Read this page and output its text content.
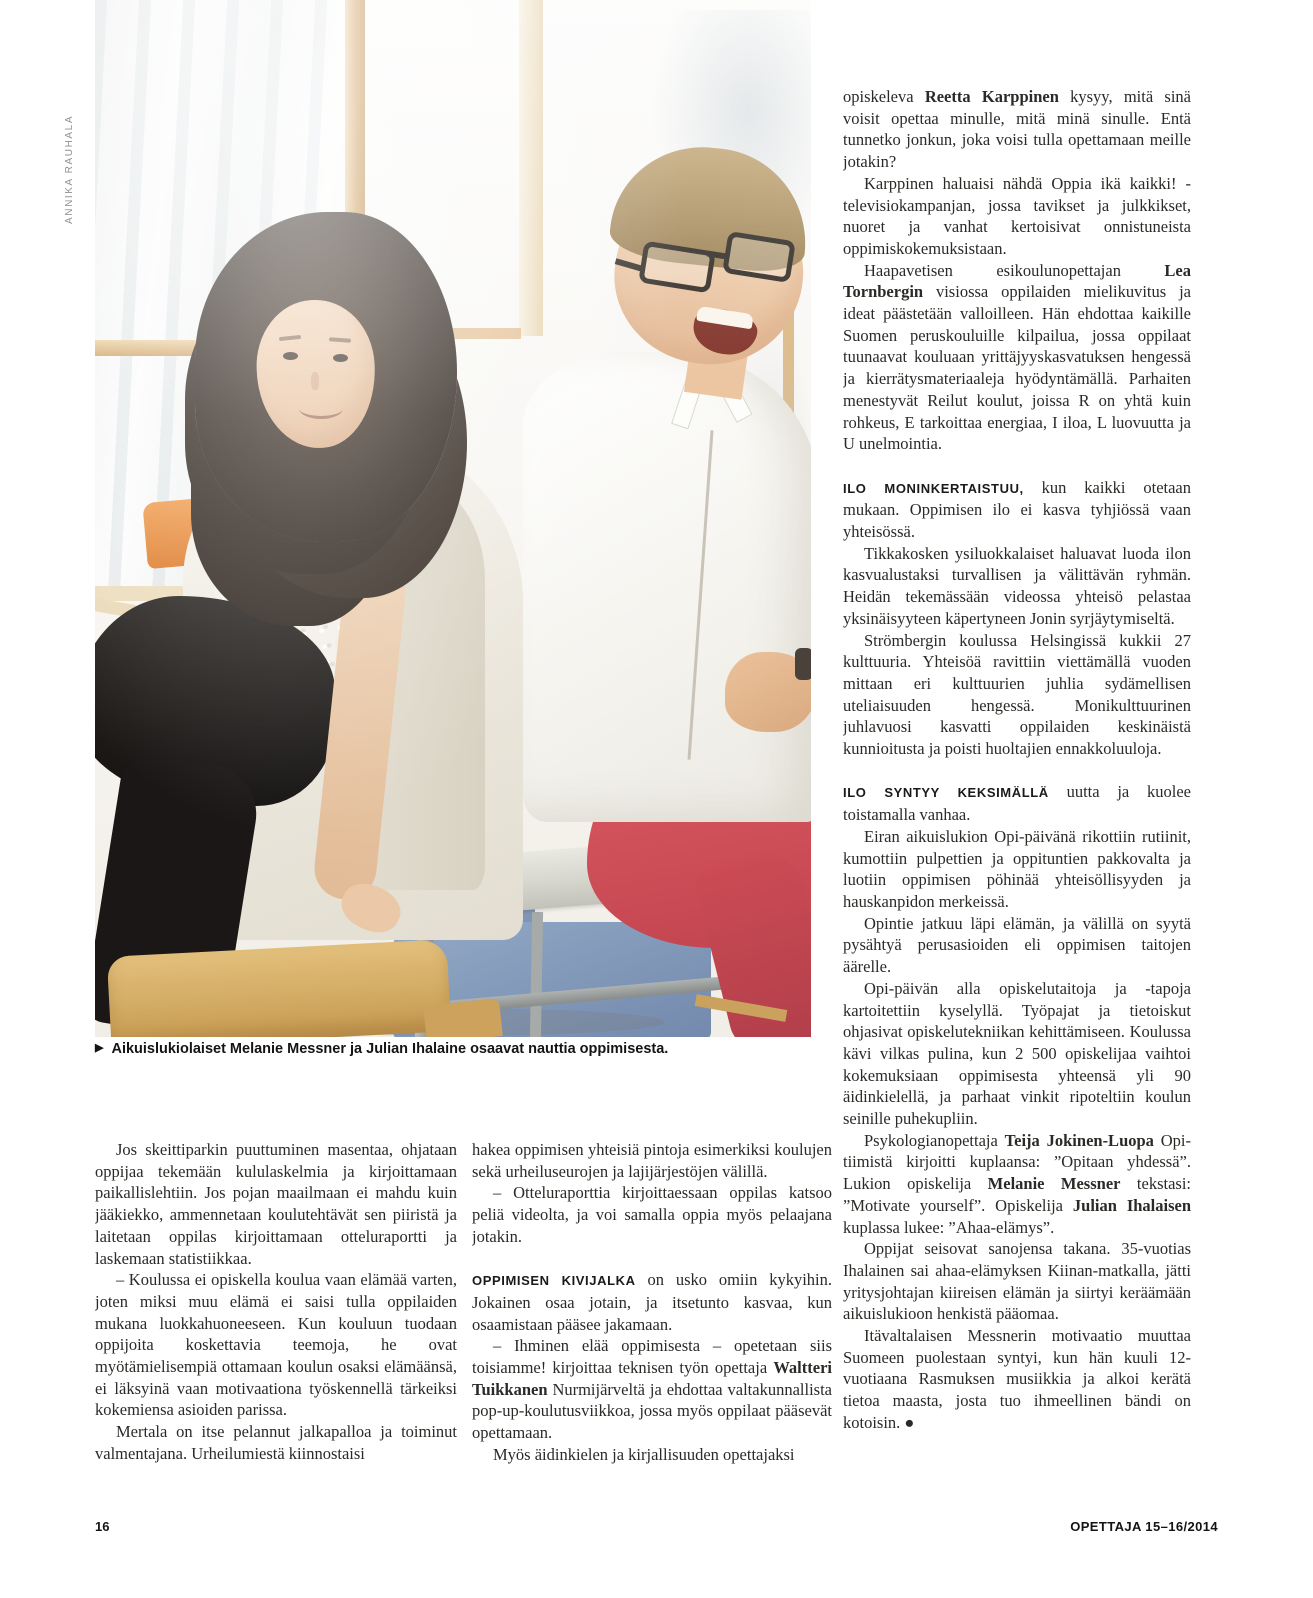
ANNIKA RAUHALA
▶ Aikuislukiolaiset Melanie Messner ja Julian Ihalaine osaavat nauttia oppimisesta.

Jos skeittiparkin puuttuminen masentaa, ohjataan oppijaa tekemään kululaskelmia ja kirjoittamaan paikallislehtiin. Jos pojan maailmaan ei mahdu kuin jääkiekko, ammennetaan koulutehtävät sen piiristä ja laitetaan oppilas kirjoittamaan otteluraportti ja laskemaan statistiikkaa.

– Koulussa ei opiskella koulua vaan elämää varten, joten miksi muu elämä ei saisi tulla oppilaiden mukana luokkahuoneeseen. Kun kouluun tuodaan oppijoita koskettavia teemoja, he ovat myötämielisempiä ottamaan koulun osaksi elämäänsä, ei läksyinä vaan motivaationa työskennellä tärkeiksi kokemiensa asioiden parissa.

Mertala on itse pelannut jalkapalloa ja toiminut valmentajana. Urheilumiestä kiinnostaisi

hakea oppimisen yhteisiä pintoja esimerkiksi koulujen sekä urheiluseurojen ja lajijärjestöjen välillä.

– Otteluraporttia kirjoittaessaan oppilas katsoo peliä videolta, ja voi samalla oppia myös pelaajana jotakin.

OPPIMISEN KIVIJALKA on usko omiin kykyihin. Jokainen osaa jotain, ja itsetunto kasvaa, kun osaamistaan pääsee jakamaan.

– Ihminen elää oppimisesta – opetetaan siis toisiamme! kirjoittaa teknisen työn opettaja Waltteri Tuikkanen Nurmijärveltä ja ehdottaa valtakunnallista pop-up-koulutusviikkoa, jossa myös oppilaat pääsevät opettamaan.

Myös äidinkielen ja kirjallisuuden opettajaksi

opiskeleva Reetta Karppinen kysyy, mitä sinä voisit opettaa minulle, mitä minä sinulle. Entä tunnetko jonkun, joka voisi tulla opettamaan meille jotakin?

Karppinen haluaisi nähdä Oppia ikä kaikki! -televisiokampanjan, jossa tavikset ja julkkikset, nuoret ja vanhat kertoisivat onnistuneista oppimiskokemuksistaan.

Haapavetisen esikoulunopettajan Lea Tornbergin visiossa oppilaiden mielikuvitus ja ideat päästetään valloilleen. Hän ehdottaa kaikille Suomen peruskouluille kilpailua, jossa oppilaat tuunaavat kouluaan yrittäjyyskasvatuksen hengessä ja kierrätysmateriaaleja hyödyntämällä. Parhaiten menestyvät Reilut koulut, joissa R on yhtä kuin rohkeus, E tarkoittaa energiaa, I iloa, L luovuutta ja U unelmointia.

ILO MONINKERTAISTUU, kun kaikki otetaan mukaan. Oppimisen ilo ei kasva tyhjiössä vaan yhteisössä.

Tikkakosken ysiluokkalaiset haluavat luoda ilon kasvualustaksi turvallisen ja välittävän ryhmän. Heidän tekemässään videossa yhteisö pelastaa yksinäisyyteen käpertyneen Jonin syrjäytymiseltä.

Strömbergin koulussa Helsingissä kukkii 27 kulttuuria. Yhteisöä ravittiin viettämällä vuoden mittaan eri kulttuurien juhlia sydämellisen uteliaisuuden hengessä. Monikulttuurinen juhlavuosi kasvatti oppilaiden keskinäistä kunnioitusta ja poisti huoltajien ennakkoluuloja.

ILO SYNTYY KEKSIMÄLLÄ uutta ja kuolee toistamalla vanhaa.

Eiran aikuislukion Opi-päivänä rikottiin rutiinit, kumottiin pulpettien ja oppituntien pakkovalta ja luotiin oppimisen pöhinää yhteisöllisyyden ja hauskanpidon merkeissä.

Opintie jatkuu läpi elämän, ja välillä on syytä pysähtyä perusasioiden eli oppimisen taitojen äärelle.

Opi-päivän alla opiskelutaitoja ja -tapoja kartoitettiin kyselyllä. Työpajat ja tietoiskut ohjasivat opiskelutekniikan kehittämiseen. Koulussa kävi vilkas pulina, kun 2 500 opiskelijaa vaihtoi kokemuksiaan oppimisesta yhteensä yli 90 äidinkielellä, ja parhaat vinkit ripoteltiin koulun seinille puhekupliin.

Psykologianopettaja Teija Jokinen-Luopa Opi-tiimistä kirjoitti kuplaansa: ”Opitaan yhdessä”. Lukion opiskelija Melanie Messner tekstasi: ”Motivate yourself”. Opiskelija Julian Ihalaisen kuplassa lukee: ”Ahaa-elämys”.

Oppijat seisovat sanojensa takana. 35-vuotias Ihalainen sai ahaa-elämyksen Kiinan-matkalla, jätti yritysjohtajan kiireisen elämän ja siirtyi keräämään aikuislukioon henkistä pääomaa.

Itävaltalaisen Messnerin motivaatio muuttaa Suomeen puolestaan syntyi, kun hän kuuli 12-vuotiaana Rasmuksen musiikkia ja alkoi kerätä tietoa maasta, josta tuo ihmeellinen bändi on kotoisin. ●

16	OPETTAJA 15–16/2014
